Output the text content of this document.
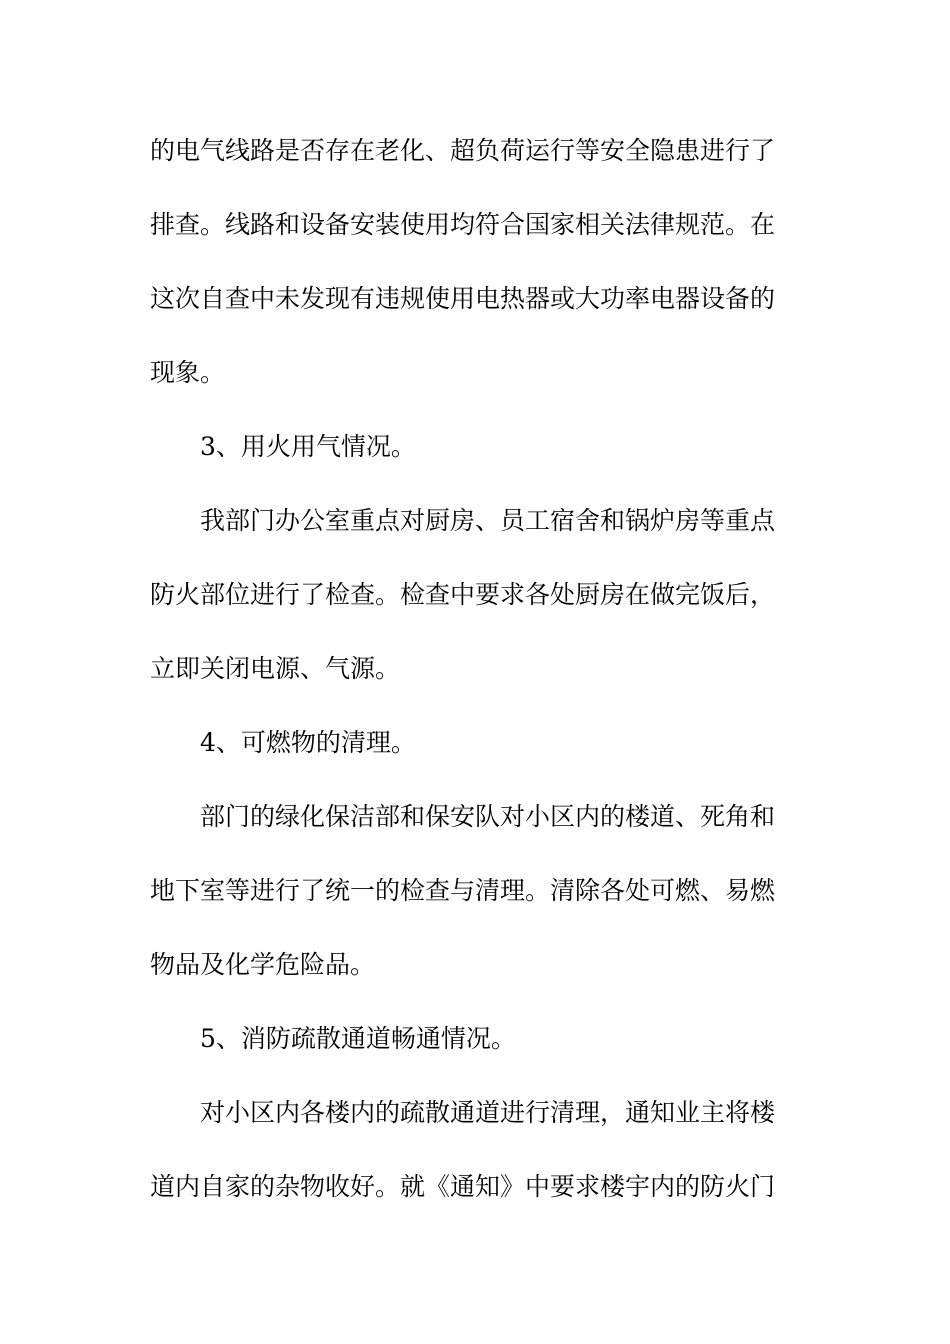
的电气线路是否存在老化、超负荷运行等安全隐患进行了
排查。线路和设备安装使用均符合国家相关法律规范。在
这次自查中未发现有违规使用电热器或大功率电器设备的
现象。
3、用火用气情况。
我部门办公室重点对厨房、员工宿舍和锅炉房等重点
防火部位进行了检查。检查中要求各处厨房在做完饭后，
立即关闭电源、气源。
4、可燃物的清理。
部门的绿化保洁部和保安队对小区内的楼道、死角和
地下室等进行了统一的检查与清理。清除各处可燃、易燃
物品及化学危险品。
5、消防疏散通道畅通情况。
对小区内各楼内的疏散通道进行清理，通知业主将楼
道内自家的杂物收好。就《通知》中要求楼宇内的防火门
